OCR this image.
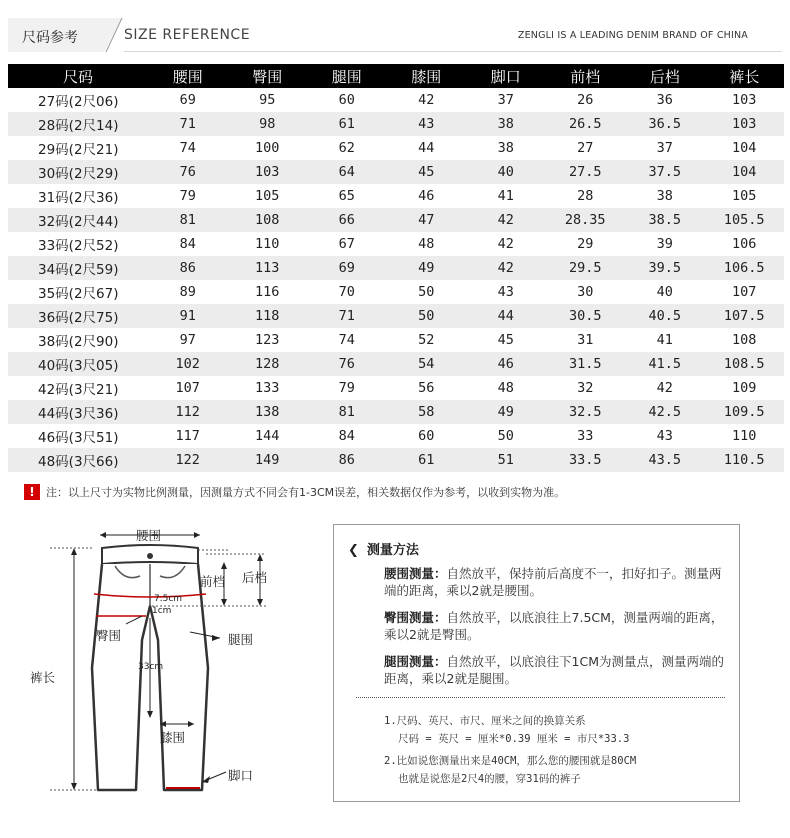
尺码参考	SIZE REFERENCE	ZENGLI IS A LEADING DENIM BRAND OF CHINA
尺码	腰围	臀围	腿围	膝围	脚口	前档	后档	裤长
27码(2尺06)	69	95	60	42	37	26	36	103
28码(2尺14)	71	98	61	43	38	26.5	36.5	103
29码(2尺21)	74	100	62	44	38	27	37	104
30码(2尺29)	76	103	64	45	40	27.5	37.5	104
31码(2尺36)	79	105	65	46	41	28	38	105
32码(2尺44)	81	108	66	47	42	28.35	38.5	105.5
33码(2尺52)	84	110	67	48	42	29	39	106
34码(2尺59)	86	113	69	49	42	29.5	39.5	106.5
35码(2尺67)	89	116	70	50	43	30	40	107
36码(2尺75)	91	118	71	50	44	30.5	40.5	107.5
38码(2尺90)	97	123	74	52	45	31	41	108
40码(3尺05)	102	128	76	54	46	31.5	41.5	108.5
42码(3尺21)	107	133	79	56	48	32	42	109
44码(3尺36)	112	138	81	58	49	32.5	42.5	109.5
46码(3尺51)	117	144	84	60	50	33	43	110
48码(3尺66)	122	149	86	61	51	33.5	43.5	110.5
! 注：以上尺寸为实物比例测量，因测量方式不同会有1-3CM误差，相关数据仅作为参考，以收到实物为准。
腰围
前档 后档
7.5cm
1cm
臀围	腿围
裤长
33cm
膝围
脚口
❮ 测量方法
腰围测量：自然放平，保持前后高度不一，扣好扣子。测量两端的距离，乘以2就是腰围。
臀围测量：自然放平，以底浪往上7.5CM，测量两端的距离，乘以2就是臀围。
腿围测量：自然放平，以底浪往下1CM为测量点，测量两端的距离，乘以2就是腿围。
1.尺码、英尺、市尺、厘米之间的换算关系
尺码 = 英尺 = 厘米*0.39 厘米 = 市尺*33.3
2.比如说您测量出来是40CM，那么您的腰围就是80CM
也就是说您是2尺4的腰，穿31码的裤子
